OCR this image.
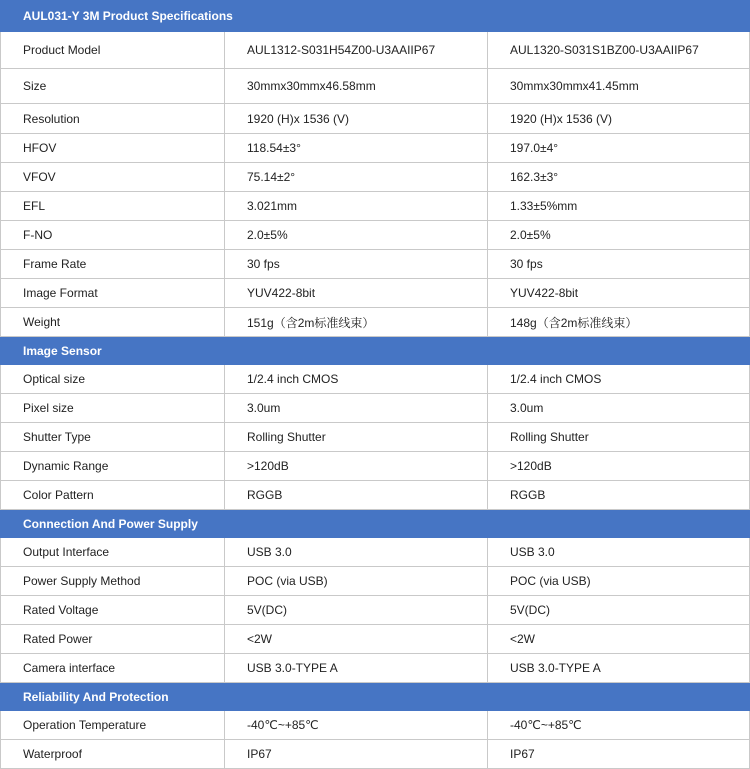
AUL031-Y 3M Product Specifications		
Product Model	AUL1312-S031H54Z00-U3AAIIP67	AUL1320-S031S1BZ00-U3AAIIP67
Size	30mmx30mmx46.58mm	30mmx30mmx41.45mm
Resolution	1920 (H)x 1536 (V)	1920 (H)x 1536 (V)
HFOV	118.54±3°	197.0±4°
VFOV	75.14±2°	162.3±3°
EFL	3.021mm	1.33±5%mm
F-NO	2.0±5%	2.0±5%
Frame Rate	30 fps	30 fps
Image Format	YUV422-8bit	YUV422-8bit
Weight	151g（含2m标准线束）	148g（含2m标准线束）
Image Sensor		
Optical size	1/2.4 inch CMOS	1/2.4 inch CMOS
Pixel size	3.0um	3.0um
Shutter Type	Rolling Shutter	Rolling Shutter
Dynamic Range	>120dB	>120dB
Color Pattern	RGGB	RGGB
Connection And Power Supply		
Output Interface	USB 3.0	USB 3.0
Power Supply Method	POC (via USB)	POC (via USB)
Rated Voltage	5V(DC)	5V(DC)
Rated Power	<2W	<2W
Camera interface	USB 3.0-TYPE A	USB 3.0-TYPE A
Reliability And Protection		
Operation Temperature	-40℃~+85℃	-40℃~+85℃
Waterproof	IP67	IP67
